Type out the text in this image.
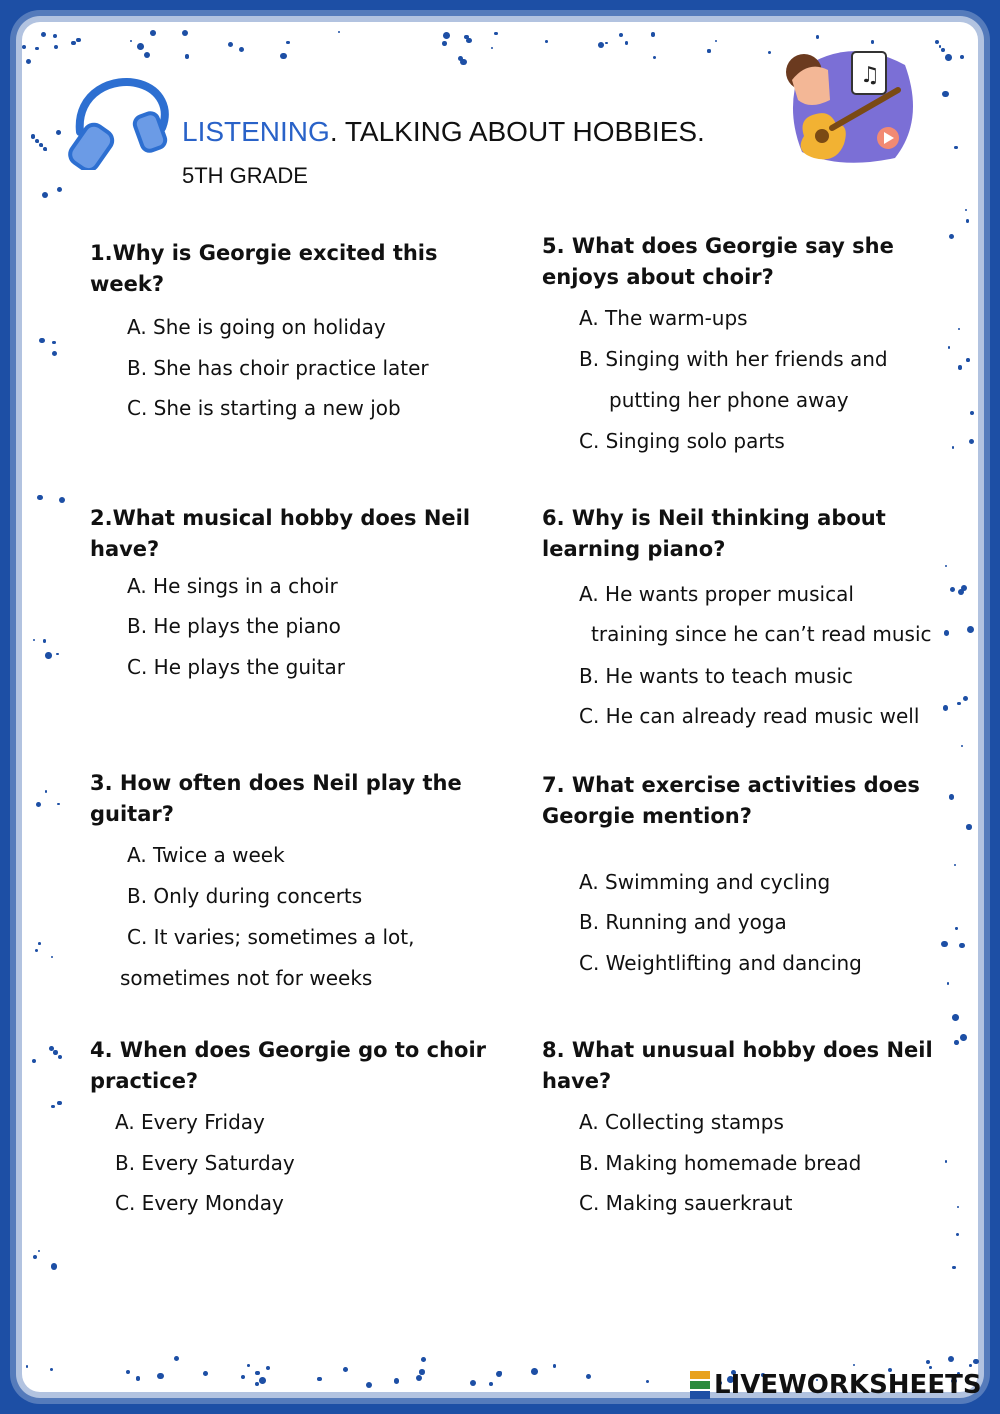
♫
LISTENING. TALKING ABOUT HOBBIES.

5TH GRADE

1.Why is Georgie excited this week?

A. She is going on holiday

B. She has choir practice later

C. She is starting a new job

2.What musical hobby does Neil have?

A. He sings in a choir

B. He plays the piano

C. He plays the guitar

3. How often does Neil play the guitar?

A. Twice a week

B. Only during concerts

C. It varies; sometimes a lot,

sometimes not for weeks

4. When does Georgie go to choir practice?

A. Every Friday

B. Every Saturday

C. Every Monday

5. What does Georgie say she enjoys about choir?

A. The warm-ups

B. Singing with her friends and

putting her phone away

C. Singing solo parts

6. Why is Neil thinking about learning piano?

A. He wants proper musical

training since he can’t read music

B. He wants to teach music

C. He can already read music well

7. What exercise activities does Georgie mention?

A. Swimming and cycling

B. Running and yoga

C. Weightlifting and dancing

8. What unusual hobby does Neil have?

A. Collecting stamps

B. Making homemade bread

C. Making sauerkraut

LIVEWORKSHEETS
